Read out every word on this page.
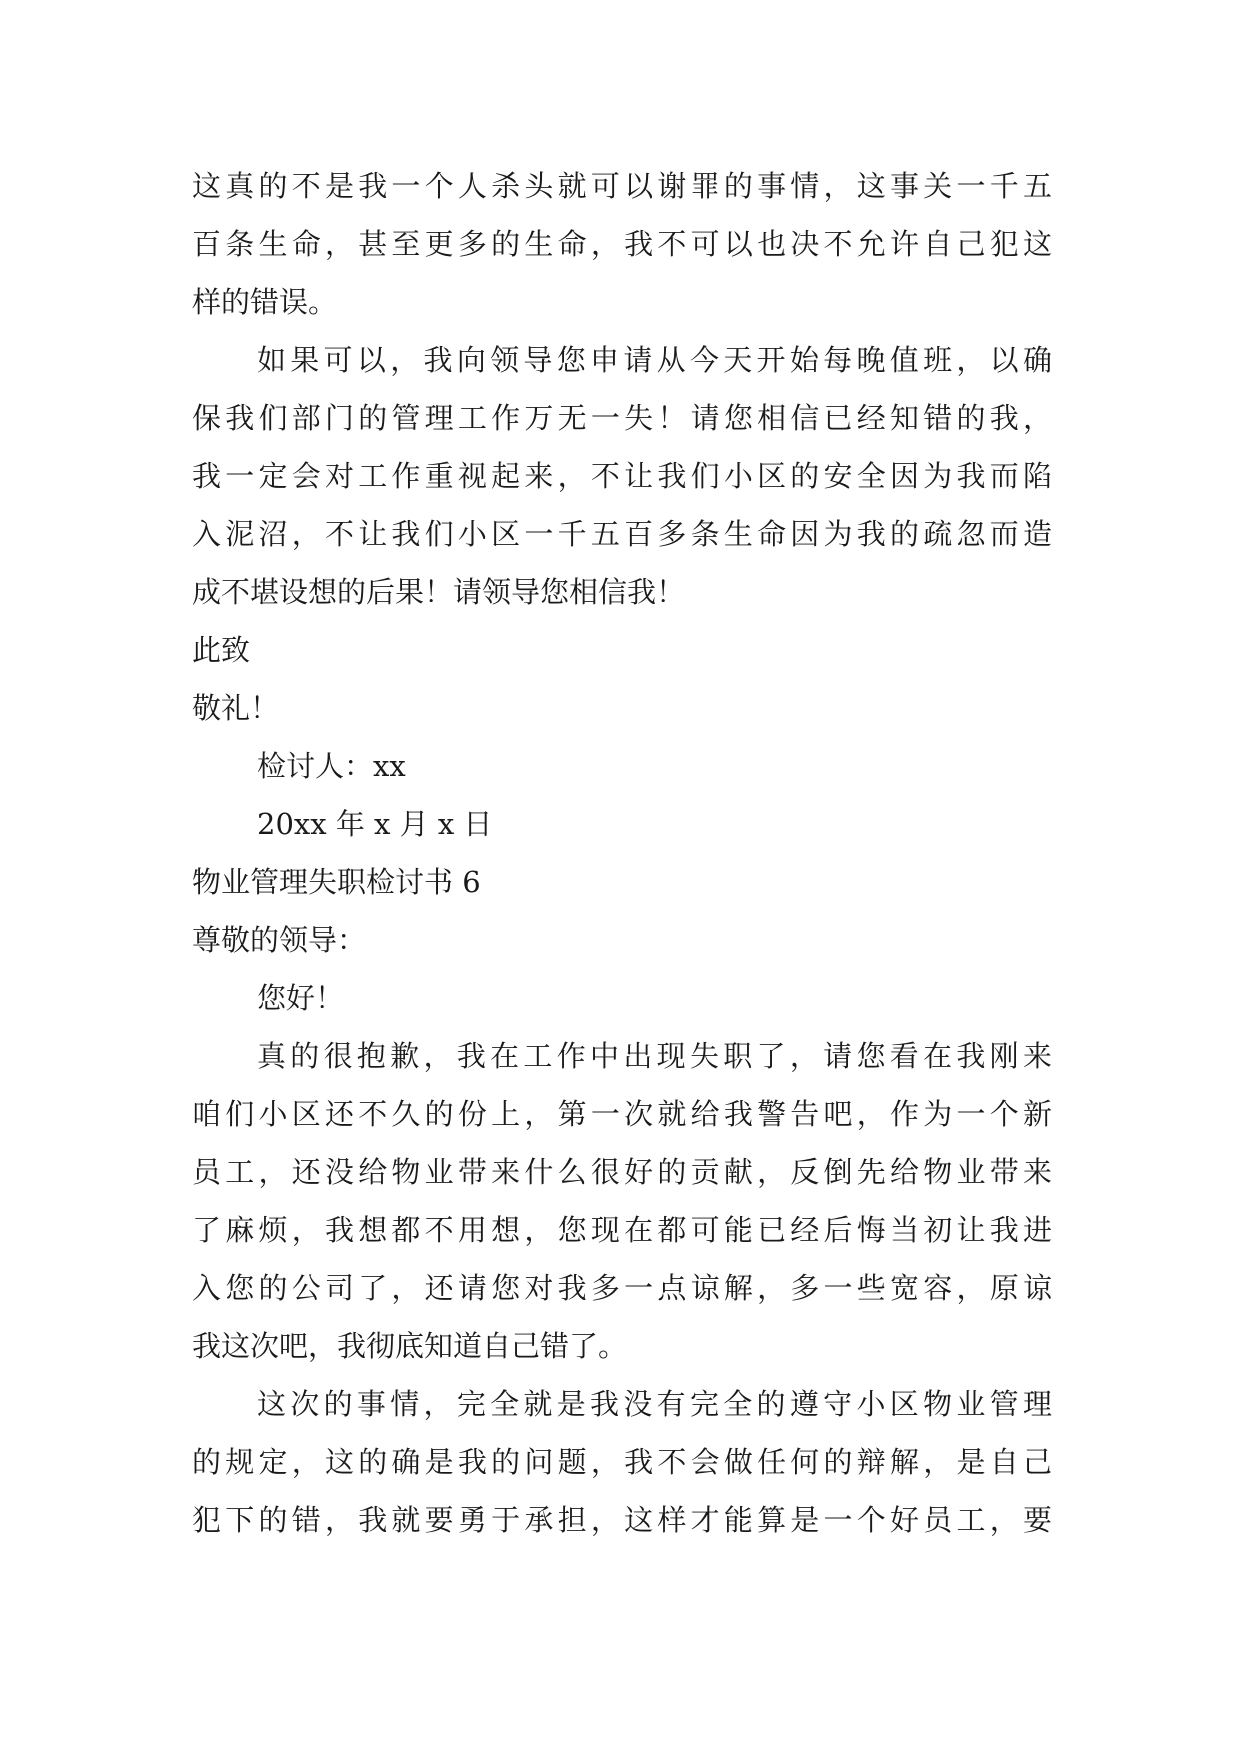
这真的不是我一个人杀头就可以谢罪的事情，这事关一千五
百条生命，甚至更多的生命，我不可以也决不允许自己犯这
样的错误。
如果可以，我向领导您申请从今天开始每晚值班，以确
保我们部门的管理工作万无一失！请您相信已经知错的我，
我一定会对工作重视起来，不让我们小区的安全因为我而陷
入泥沼，不让我们小区一千五百多条生命因为我的疏忽而造
成不堪设想的后果！请领导您相信我！
此致
敬礼！
检讨人：xx
20xx 年 x 月 x 日
物业管理失职检讨书 6
尊敬的领导：
您好！
真的很抱歉，我在工作中出现失职了，请您看在我刚来
咱们小区还不久的份上，第一次就给我警告吧，作为一个新
员工，还没给物业带来什么很好的贡献，反倒先给物业带来
了麻烦，我想都不用想，您现在都可能已经后悔当初让我进
入您的公司了，还请您对我多一点谅解，多一些宽容，原谅
我这次吧，我彻底知道自己错了。
这次的事情，完全就是我没有完全的遵守小区物业管理
的规定，这的确是我的问题，我不会做任何的辩解，是自己
犯下的错，我就要勇于承担，这样才能算是一个好员工，要
